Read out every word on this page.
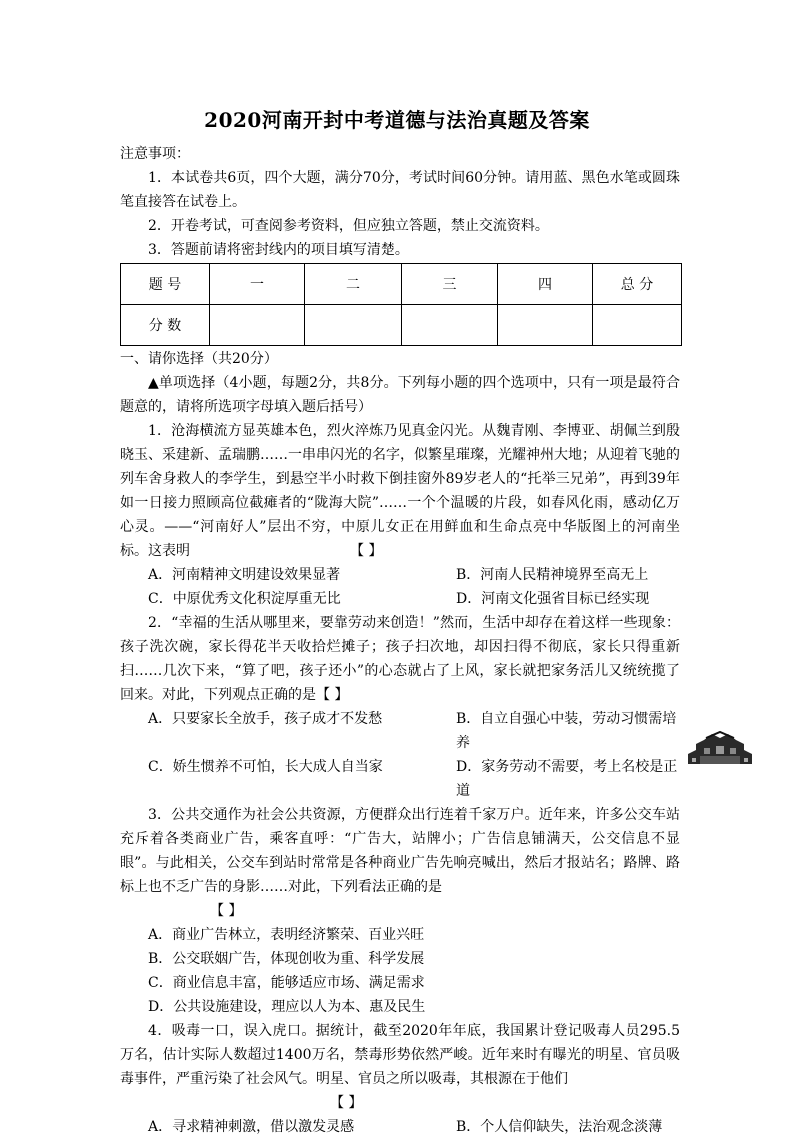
2020河南开封中考道德与法治真题及答案

注意事项：

1．本试卷共6页，四个大题，满分70分，考试时间60分钟。请用蓝、黑色水笔或圆珠笔直接答在试卷上。

2．开卷考试，可查阅参考资料，但应独立答题，禁止交流资料。

3．答题前请将密封线内的项目填写清楚。

题 号	一	二	三	四	总 分
分 数					

一、请你选择（共20分）

▲单项选择（4小题，每题2分，共8分。下列每小题的四个选项中，只有一项是最符合题意的，请将所选项字母填入题后括号）

1．沧海横流方显英雄本色，烈火淬炼乃见真金闪光。从魏青刚、李博亚、胡佩兰到殷晓玉、采建新、孟瑞鹏……一串串闪光的名字，似繁星璀璨，光耀神州大地；从迎着飞驰的列车舍身救人的李学生，到悬空半小时救下倒挂窗外89岁老人的“托举三兄弟”，再到39年如一日接力照顾高位截瘫者的“陇海大院”……一个个温暖的片段，如春风化雨，感动亿万心灵。——“河南好人”层出不穷，中原儿女正在用鲜血和生命点亮中华版图上的河南坐标。这表明	【 】

A．河南精神文明建设效果显著	B．河南人民精神境界至高无上
C．中原优秀文化积淀厚重无比	D．河南文化强省目标已经实现

2．“幸福的生活从哪里来，要靠劳动来创造！”然而，生活中却存在着这样一些现象：孩子洗次碗，家长得花半天收拾烂摊子；孩子扫次地，却因扫得不彻底，家长只得重新扫……几次下来，“算了吧，孩子还小”的心态就占了上风，家长就把家务活儿又统统揽了回来。对此，下列观点正确的是【 】

A．只要家长全放手，孩子成才不发愁	B．自立自强心中装，劳动习惯需培养
C．娇生惯养不可怕，长大成人自当家	D．家务劳动不需要，考上名校是正道

3．公共交通作为社会公共资源，方便群众出行连着千家万户。近年来，许多公交车站充斥着各类商业广告，乘客直呼：“广告大，站牌小；广告信息铺满天，公交信息不显眼”。与此相关，公交车到站时常常是各种商业广告先响亮喊出，然后才报站名；路牌、路标上也不乏广告的身影……对此，下列看法正确的是

【 】

A．商业广告林立，表明经济繁荣、百业兴旺

B．公交联姻广告，体现创收为重、科学发展

C．商业信息丰富，能够适应市场、满足需求

D．公共设施建设，理应以人为本、惠及民生

4．吸毒一口，误入虎口。据统计，截至2020年年底，我国累计登记吸毒人员295.5万名，估计实际人数超过1400万名，禁毒形势依然严峻。近年来时有曝光的明星、官员吸毒事件，严重污染了社会风气。明星、官员之所以吸毒，其根源在于他们

【 】

A．寻求精神刺激，借以激发灵感	B．个人信仰缺失，法治观念淡薄
